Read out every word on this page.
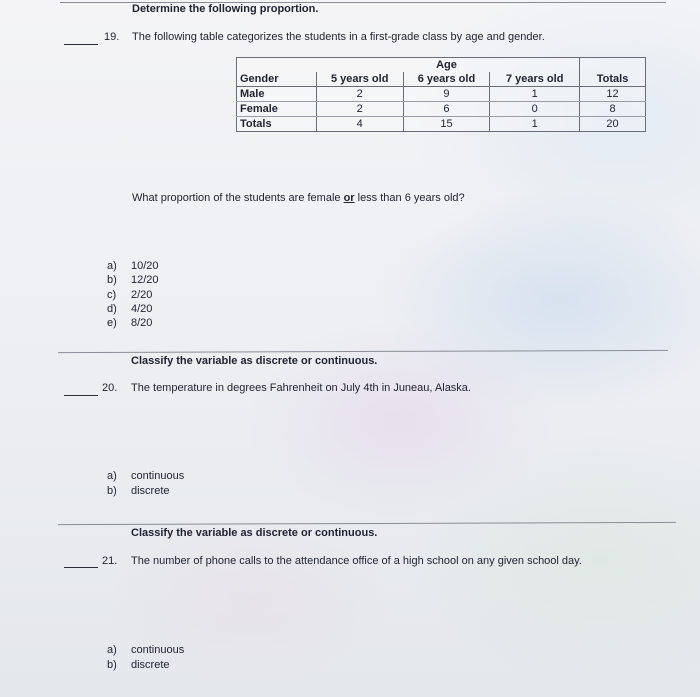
Determine the following proportion.
19. The following table categorizes the students in a first-grade class by age and gender.
		Age		
Gender	5 years old	6 years old	7 years old	Totals
Male	2	9	1	12
Female	2	6	0	8
Totals	4	15	1	20
What proportion of the students are female or less than 6 years old?
a) 10/20
b) 12/20
c) 2/20
d) 4/20
e) 8/20
Classify the variable as discrete or continuous.
20. The temperature in degrees Fahrenheit on July 4th in Juneau, Alaska.
a) continuous
b) discrete
Classify the variable as discrete or continuous.
21. The number of phone calls to the attendance office of a high school on any given school day.
a) continuous
b) discrete
